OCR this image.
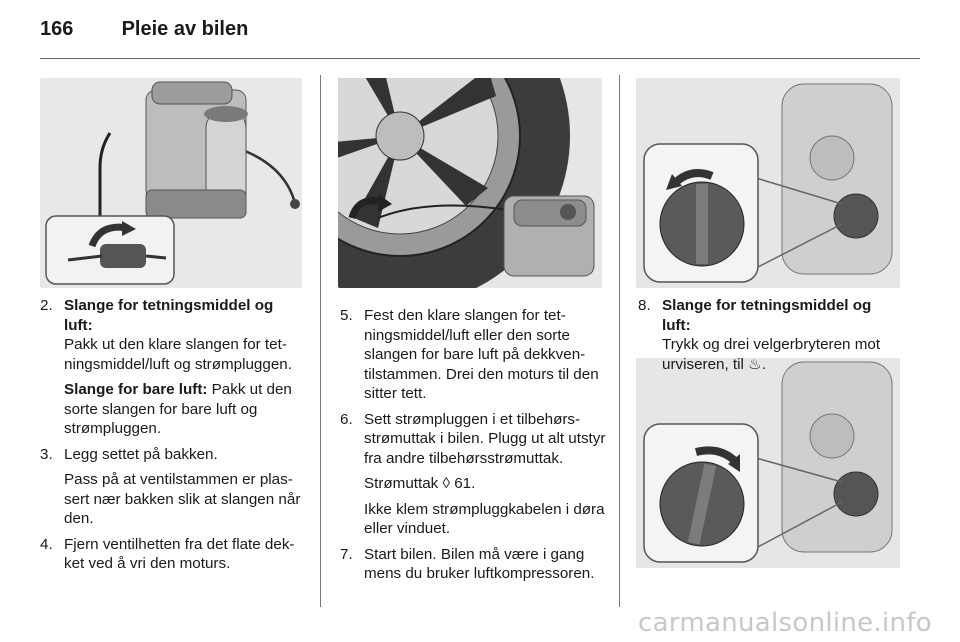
166 Pleie av bilen
2. Slange for tetningsmiddel og luft:
Pakk ut den klare slangen for tetningsmiddel/luft og strømpluggen.

Slange for bare luft: Pakk ut den sorte slangen for bare luft og strømpluggen.

3. Legg settet på bakken.

Pass på at ventilstammen er plassert nær bakken slik at slangen når den.

4. Fjern ventilhetten fra det flate dekket ved å vri den moturs.

5. Fest den klare slangen for tetningsmiddel/luft eller den sorte slangen for bare luft på dekkventilstammen. Drei den moturs til den sitter tett.

6. Sett strømpluggen i et tilbehørsstrømuttak i bilen. Plugg ut alt utstyr fra andre tilbehørsstrømuttak.

Strømuttak ◊ 61.

Ikke klem strømpluggkabelen i døra eller vinduet.

7. Start bilen. Bilen må være i gang mens du bruker luftkompressoren.

8. Slange for tetningsmiddel og luft:
Trykk og drei velgerbryteren mot urviseren, til ♨.

carmanualsonline.info
